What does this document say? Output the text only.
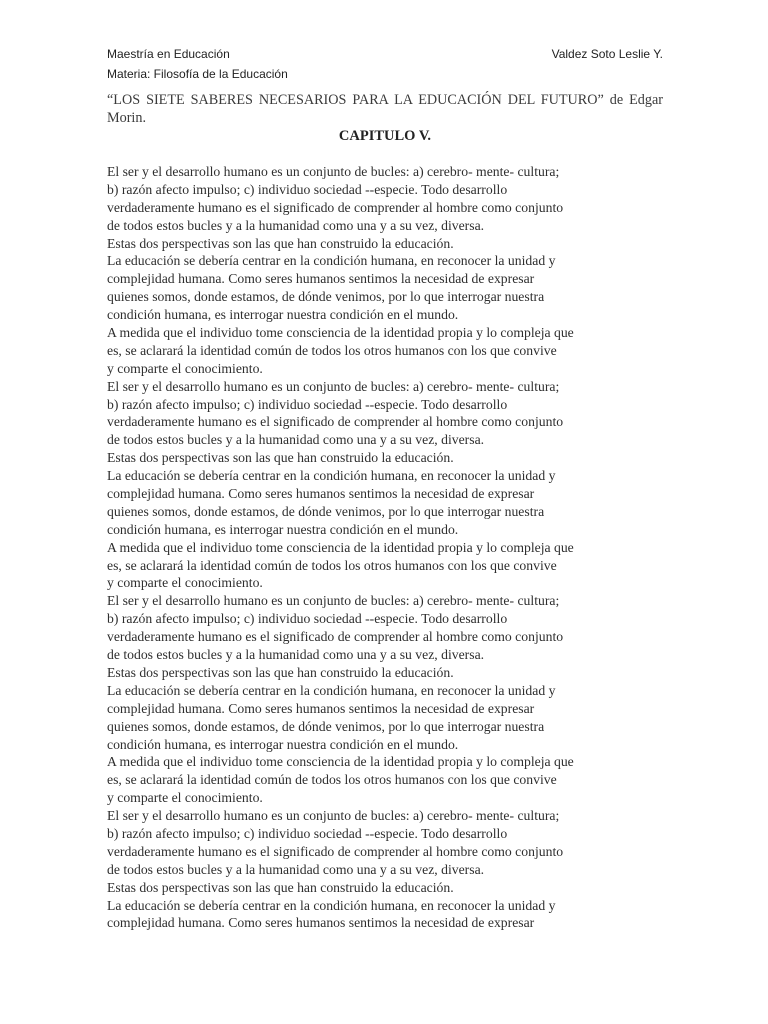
Maestría en Educación
Materia: Filosofía de la Educación
Valdez Soto Leslie Y.
“LOS SIETE SABERES NECESARIOS PARA LA EDUCACIÓN DEL FUTURO” de Edgar Morin.
CAPITULO V.
El ser y el desarrollo humano es un conjunto de bucles: a) cerebro- mente- cultura;
b) razón afecto impulso; c) individuo sociedad --especie. Todo desarrollo
verdaderamente humano es el significado de comprender al hombre como conjunto
de todos estos bucles y a la humanidad como una y a su vez, diversa.
Estas dos perspectivas son las que han construido la educación.
La educación se debería centrar en la condición humana, en reconocer la unidad y
complejidad humana. Como seres humanos sentimos la necesidad de expresar
quienes somos, donde estamos, de dónde venimos, por lo que interrogar nuestra
condición humana, es interrogar nuestra condición en el mundo.
A medida que el individuo tome consciencia de la identidad propia y lo compleja que
es, se aclarará la identidad común de todos los otros humanos con los que convive
y comparte el conocimiento.
El ser y el desarrollo humano es un conjunto de bucles: a) cerebro- mente- cultura;
b) razón afecto impulso; c) individuo sociedad --especie. Todo desarrollo
verdaderamente humano es el significado de comprender al hombre como conjunto
de todos estos bucles y a la humanidad como una y a su vez, diversa.
Estas dos perspectivas son las que han construido la educación.
La educación se debería centrar en la condición humana, en reconocer la unidad y
complejidad humana. Como seres humanos sentimos la necesidad de expresar
quienes somos, donde estamos, de dónde venimos, por lo que interrogar nuestra
condición humana, es interrogar nuestra condición en el mundo.
A medida que el individuo tome consciencia de la identidad propia y lo compleja que
es, se aclarará la identidad común de todos los otros humanos con los que convive
y comparte el conocimiento.
El ser y el desarrollo humano es un conjunto de bucles: a) cerebro- mente- cultura;
b) razón afecto impulso; c) individuo sociedad --especie. Todo desarrollo
verdaderamente humano es el significado de comprender al hombre como conjunto
de todos estos bucles y a la humanidad como una y a su vez, diversa.
Estas dos perspectivas son las que han construido la educación.
La educación se debería centrar en la condición humana, en reconocer la unidad y
complejidad humana. Como seres humanos sentimos la necesidad de expresar
quienes somos, donde estamos, de dónde venimos, por lo que interrogar nuestra
condición humana, es interrogar nuestra condición en el mundo.
A medida que el individuo tome consciencia de la identidad propia y lo compleja que
es, se aclarará la identidad común de todos los otros humanos con los que convive
y comparte el conocimiento.
El ser y el desarrollo humano es un conjunto de bucles: a) cerebro- mente- cultura;
b) razón afecto impulso; c) individuo sociedad --especie. Todo desarrollo
verdaderamente humano es el significado de comprender al hombre como conjunto
de todos estos bucles y a la humanidad como una y a su vez, diversa.
Estas dos perspectivas son las que han construido la educación.
La educación se debería centrar en la condición humana, en reconocer la unidad y
complejidad humana. Como seres humanos sentimos la necesidad de expresar
